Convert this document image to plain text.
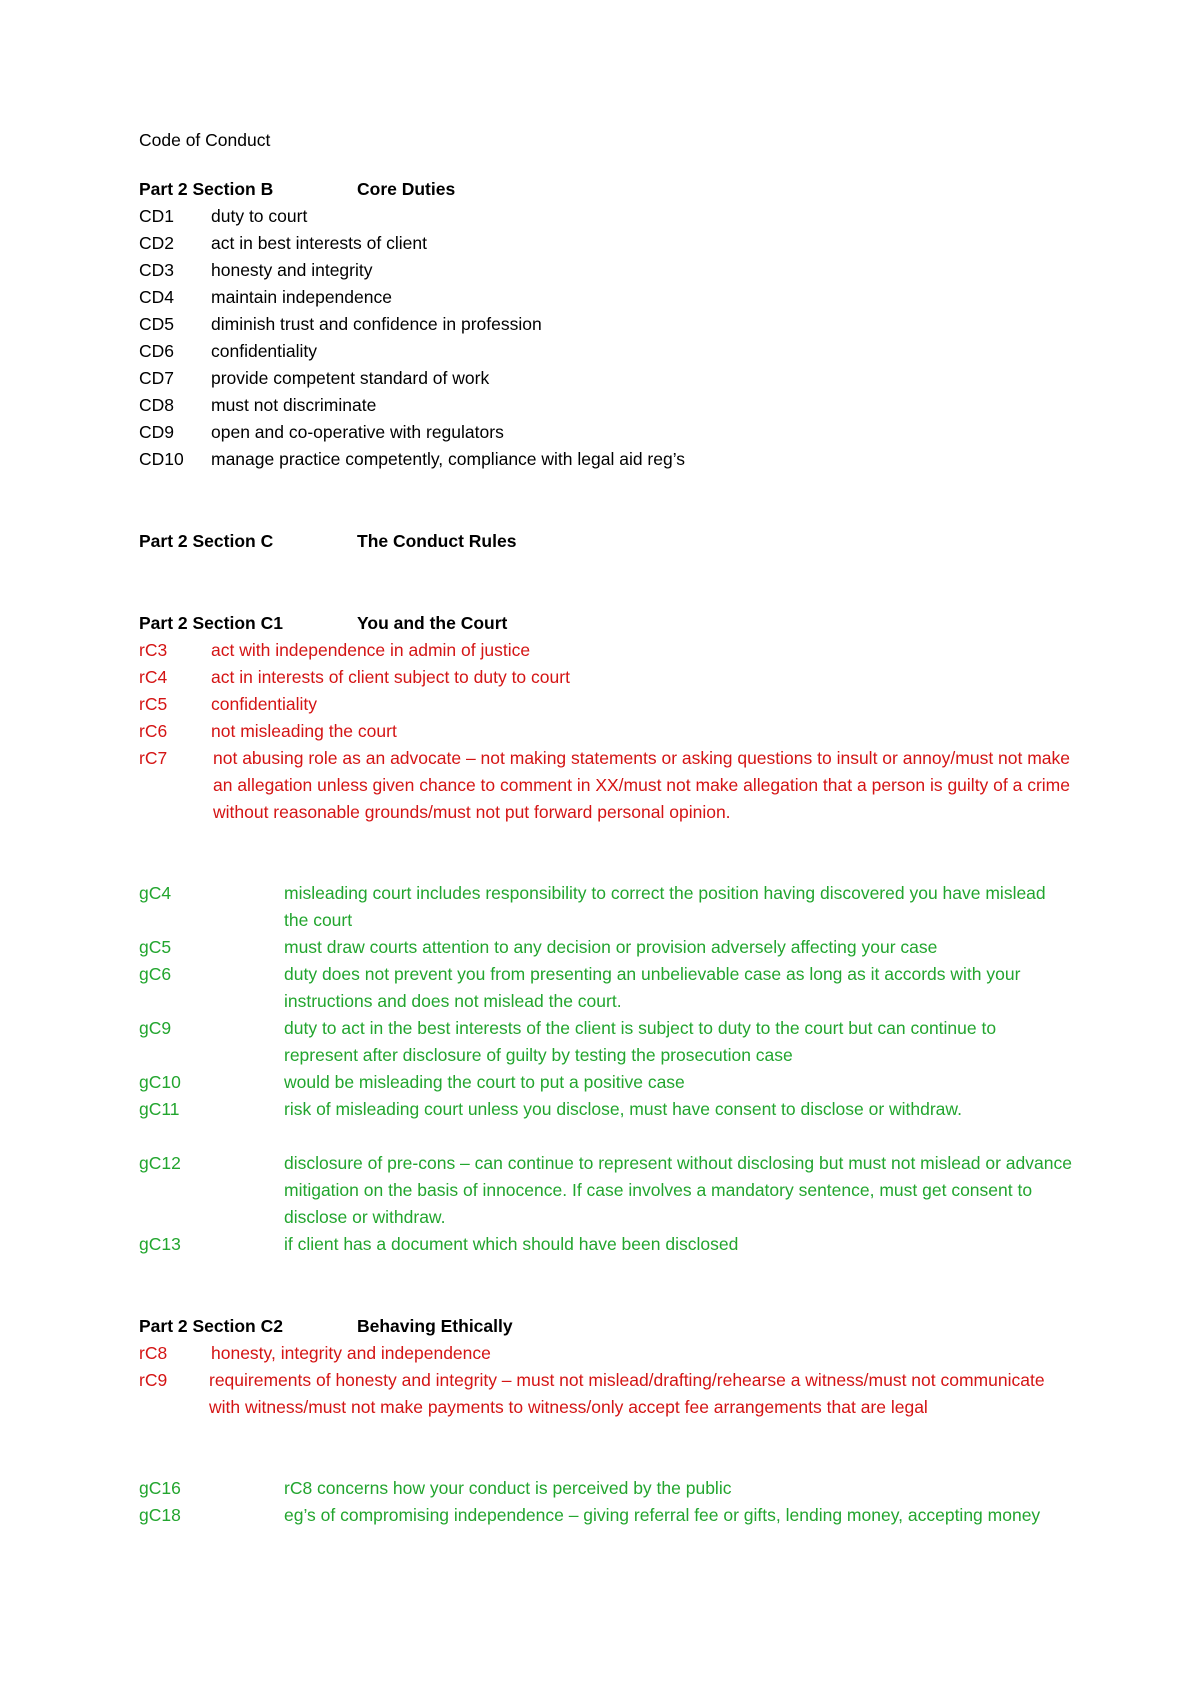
Code of Conduct
Part 2 Section B	Core Duties
CD1 duty to court
CD2 act in best interests of client
CD3 honesty and integrity
CD4 maintain independence
CD5 diminish trust and confidence in profession
CD6 confidentiality
CD7 provide competent standard of work
CD8 must not discriminate
CD9 open and co-operative with regulators
CD10 manage practice competently, compliance with legal aid reg’s
Part 2 Section C	The Conduct Rules
Part 2 Section C1	You and the Court
rC3	act with independence in admin of justice
rC4	act in interests of client subject to duty to court
rC5	confidentiality
rC6	not misleading the court
rC7	not abusing role as an advocate – not making statements or asking questions to insult or annoy/must not make an allegation unless given chance to comment in XX/must not make allegation that a person is guilty of a crime without reasonable grounds/must not put forward personal opinion.
gC4	misleading court includes responsibility to correct the position having discovered you have mislead the court
gC5	must draw courts attention to any decision or provision adversely affecting your case
gC6	duty does not prevent you from presenting an unbelievable case as long as it accords with your instructions and does not mislead the court.
gC9	duty to act in the best interests of the client is subject to duty to the court but can continue to represent after disclosure of guilty by testing the prosecution case
gC10	would be misleading the court to put a positive case
gC11	risk of misleading court unless you disclose, must have consent to disclose or withdraw.
gC12	disclosure of pre-cons – can continue to represent without disclosing but must not mislead or advance mitigation on the basis of innocence. If case involves a mandatory sentence, must get consent to disclose or withdraw.
gC13	if client has a document which should have been disclosed
Part 2 Section C2	Behaving Ethically
rC8	honesty, integrity and independence
rC9 requirements of honesty and integrity – must not mislead/drafting/rehearse a witness/must not communicate with witness/must not make payments to witness/only accept fee arrangements that are legal
gC16	rC8 concerns how your conduct is perceived by the public
gC18	eg’s of compromising independence – giving referral fee or gifts, lending money, accepting money
